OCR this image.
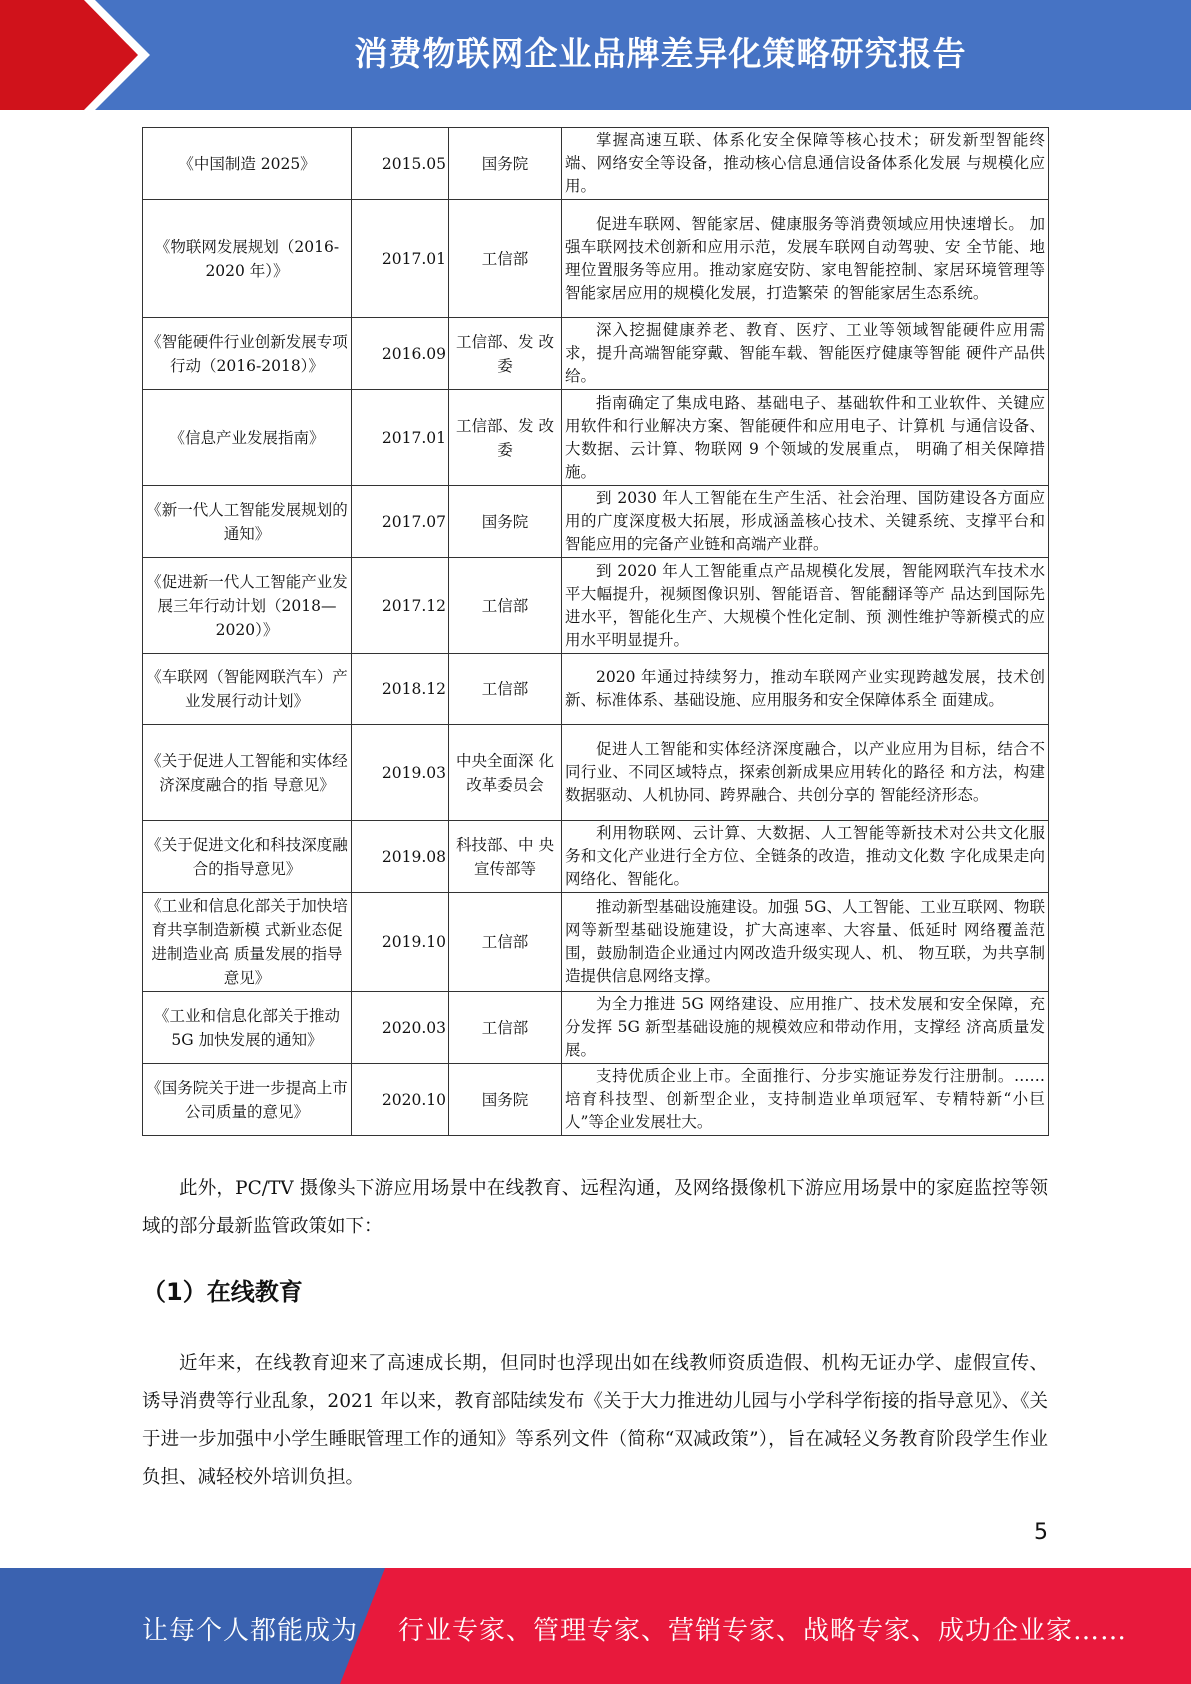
消费物联网企业品牌差异化策略研究报告
《中国制造 2025》	2015.05	国务院	掌握高速互联、体系化安全保障等核心技术；研发新型智能终端、网络安全等设备，推动核心信息通信设备体系化发展 与规模化应用。
《物联网发展规划（2016-2020 年）》	2017.01	工信部	促进车联网、智能家居、健康服务等消费领域应用快速增长。 加强车联网技术创新和应用示范，发展车联网自动驾驶、安 全节能、地理位置服务等应用。推动家庭安防、家电智能控制、家居环境管理等智能家居应用的规模化发展，打造繁荣 的智能家居生态系统。
《智能硬件行业创新发展专项行动（2016-2018）》	2016.09	工信部、发 改委	深入挖掘健康养老、教育、医疗、工业等领域智能硬件应用需求，提升高端智能穿戴、智能车载、智能医疗健康等智能 硬件产品供给。
《信息产业发展指南》	2017.01	工信部、发 改委	指南确定了集成电路、基础电子、基础软件和工业软件、关键应用软件和行业解决方案、智能硬件和应用电子、计算机 与通信设备、大数据、云计算、物联网 9 个领域的发展重点， 明确了相关保障措施。
《新一代人工智能发展规划的通知》	2017.07	国务院	到 2030 年人工智能在生产生活、社会治理、国防建设各方面应用的广度深度极大拓展，形成涵盖核心技术、关键系统、支撑平台和智能应用的完备产业链和高端产业群。
《促进新一代人工智能产业发展三年行动计划（2018—2020）》	2017.12	工信部	到 2020 年人工智能重点产品规模化发展，智能网联汽车技术水平大幅提升，视频图像识别、智能语音、智能翻译等产 品达到国际先进水平，智能化生产、大规模个性化定制、预 测性维护等新模式的应用水平明显提升。
《车联网（智能网联汽车）产业发展行动计划》	2018.12	工信部	2020 年通过持续努力，推动车联网产业实现跨越发展，技术创新、标准体系、基础设施、应用服务和安全保障体系全 面建成。
《关于促进人工智能和实体经济深度融合的指 导意见》	2019.03	中央全面深 化改革委员会	促进人工智能和实体经济深度融合，以产业应用为目标，结合不同行业、不同区域特点，探索创新成果应用转化的路径 和方法，构建数据驱动、人机协同、跨界融合、共创分享的 智能经济形态。
《关于促进文化和科技深度融合的指导意见》	2019.08	科技部、中 央宣传部等	利用物联网、云计算、大数据、人工智能等新技术对公共文化服务和文化产业进行全方位、全链条的改造，推动文化数 字化成果走向网络化、智能化。
《工业和信息化部关于加快培育共享制造新模 式新业态促进制造业高 质量发展的指导意见》	2019.10	工信部	推动新型基础设施建设。加强 5G、人工智能、工业互联网、物联网等新型基础设施建设，扩大高速率、大容量、低延时 网络覆盖范围，鼓励制造企业通过内网改造升级实现人、机、 物互联，为共享制造提供信息网络支撑。
《工业和信息化部关于推动 5G 加快发展的通知》	2020.03	工信部	为全力推进 5G 网络建设、应用推广、技术发展和安全保障，充分发挥 5G 新型基础设施的规模效应和带动作用，支撑经 济高质量发展。
《国务院关于进一步提高上市公司质量的意见》	2020.10	国务院	支持优质企业上市。全面推行、分步实施证券发行注册制。……培育科技型、创新型企业，支持制造业单项冠军、专精特新“小巨人”等企业发展壮大。
此外，PC/TV 摄像头下游应用场景中在线教育、远程沟通，及网络摄像机下游应用场景中的家庭监控等领域的部分最新监管政策如下：
（1）在线教育
近年来，在线教育迎来了高速成长期，但同时也浮现出如在线教师资质造假、机构无证办学、虚假宣传、诱导消费等行业乱象，2021 年以来，教育部陆续发布《关于大力推进幼儿园与小学科学衔接的指导意见》、《关于进一步加强中小学生睡眠管理工作的通知》等系列文件（简称“双减政策”），旨在减轻义务教育阶段学生作业负担、减轻校外培训负担。
5
让每个人都能成为 行业专家、管理专家、营销专家、战略专家、成功企业家……
